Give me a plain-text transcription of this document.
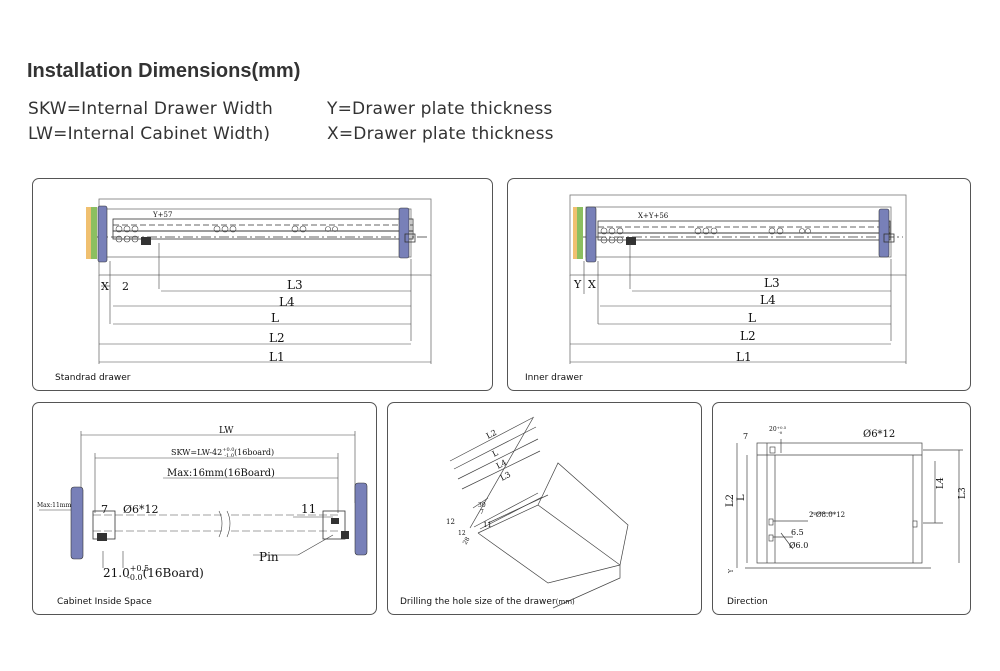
Installation Dimensions(mm)
SKW=Internal Drawer Width
LW=Internal Cabinet Width)
Y=Drawer plate thickness
X=Drawer plate thickness
Y+57
X 2	L3
L4
L
L2
L1
Standrad drawer
X+Y+56
Y X	L3
L4
L
L2
L1
Inner drawer
LW
$SKW=LW-42^{+0.0}$ -1.0(16board)
Max:16mm(16Board)
Max:11mm	7 Ø6*12	11
Pin
$21.0^{+0.5}$ -0.0(16Board)
Cabinet Inside Space
L2
L
L4
L3
30
7
12	11
12
28
Drilling the hole size of the drawer(mm)
7
$20^{+0.5}$ -0	Ø6*12
L2 L
L4
L3
2-Ø8.0*12
6.5
Ø6.0
Y
Direction
